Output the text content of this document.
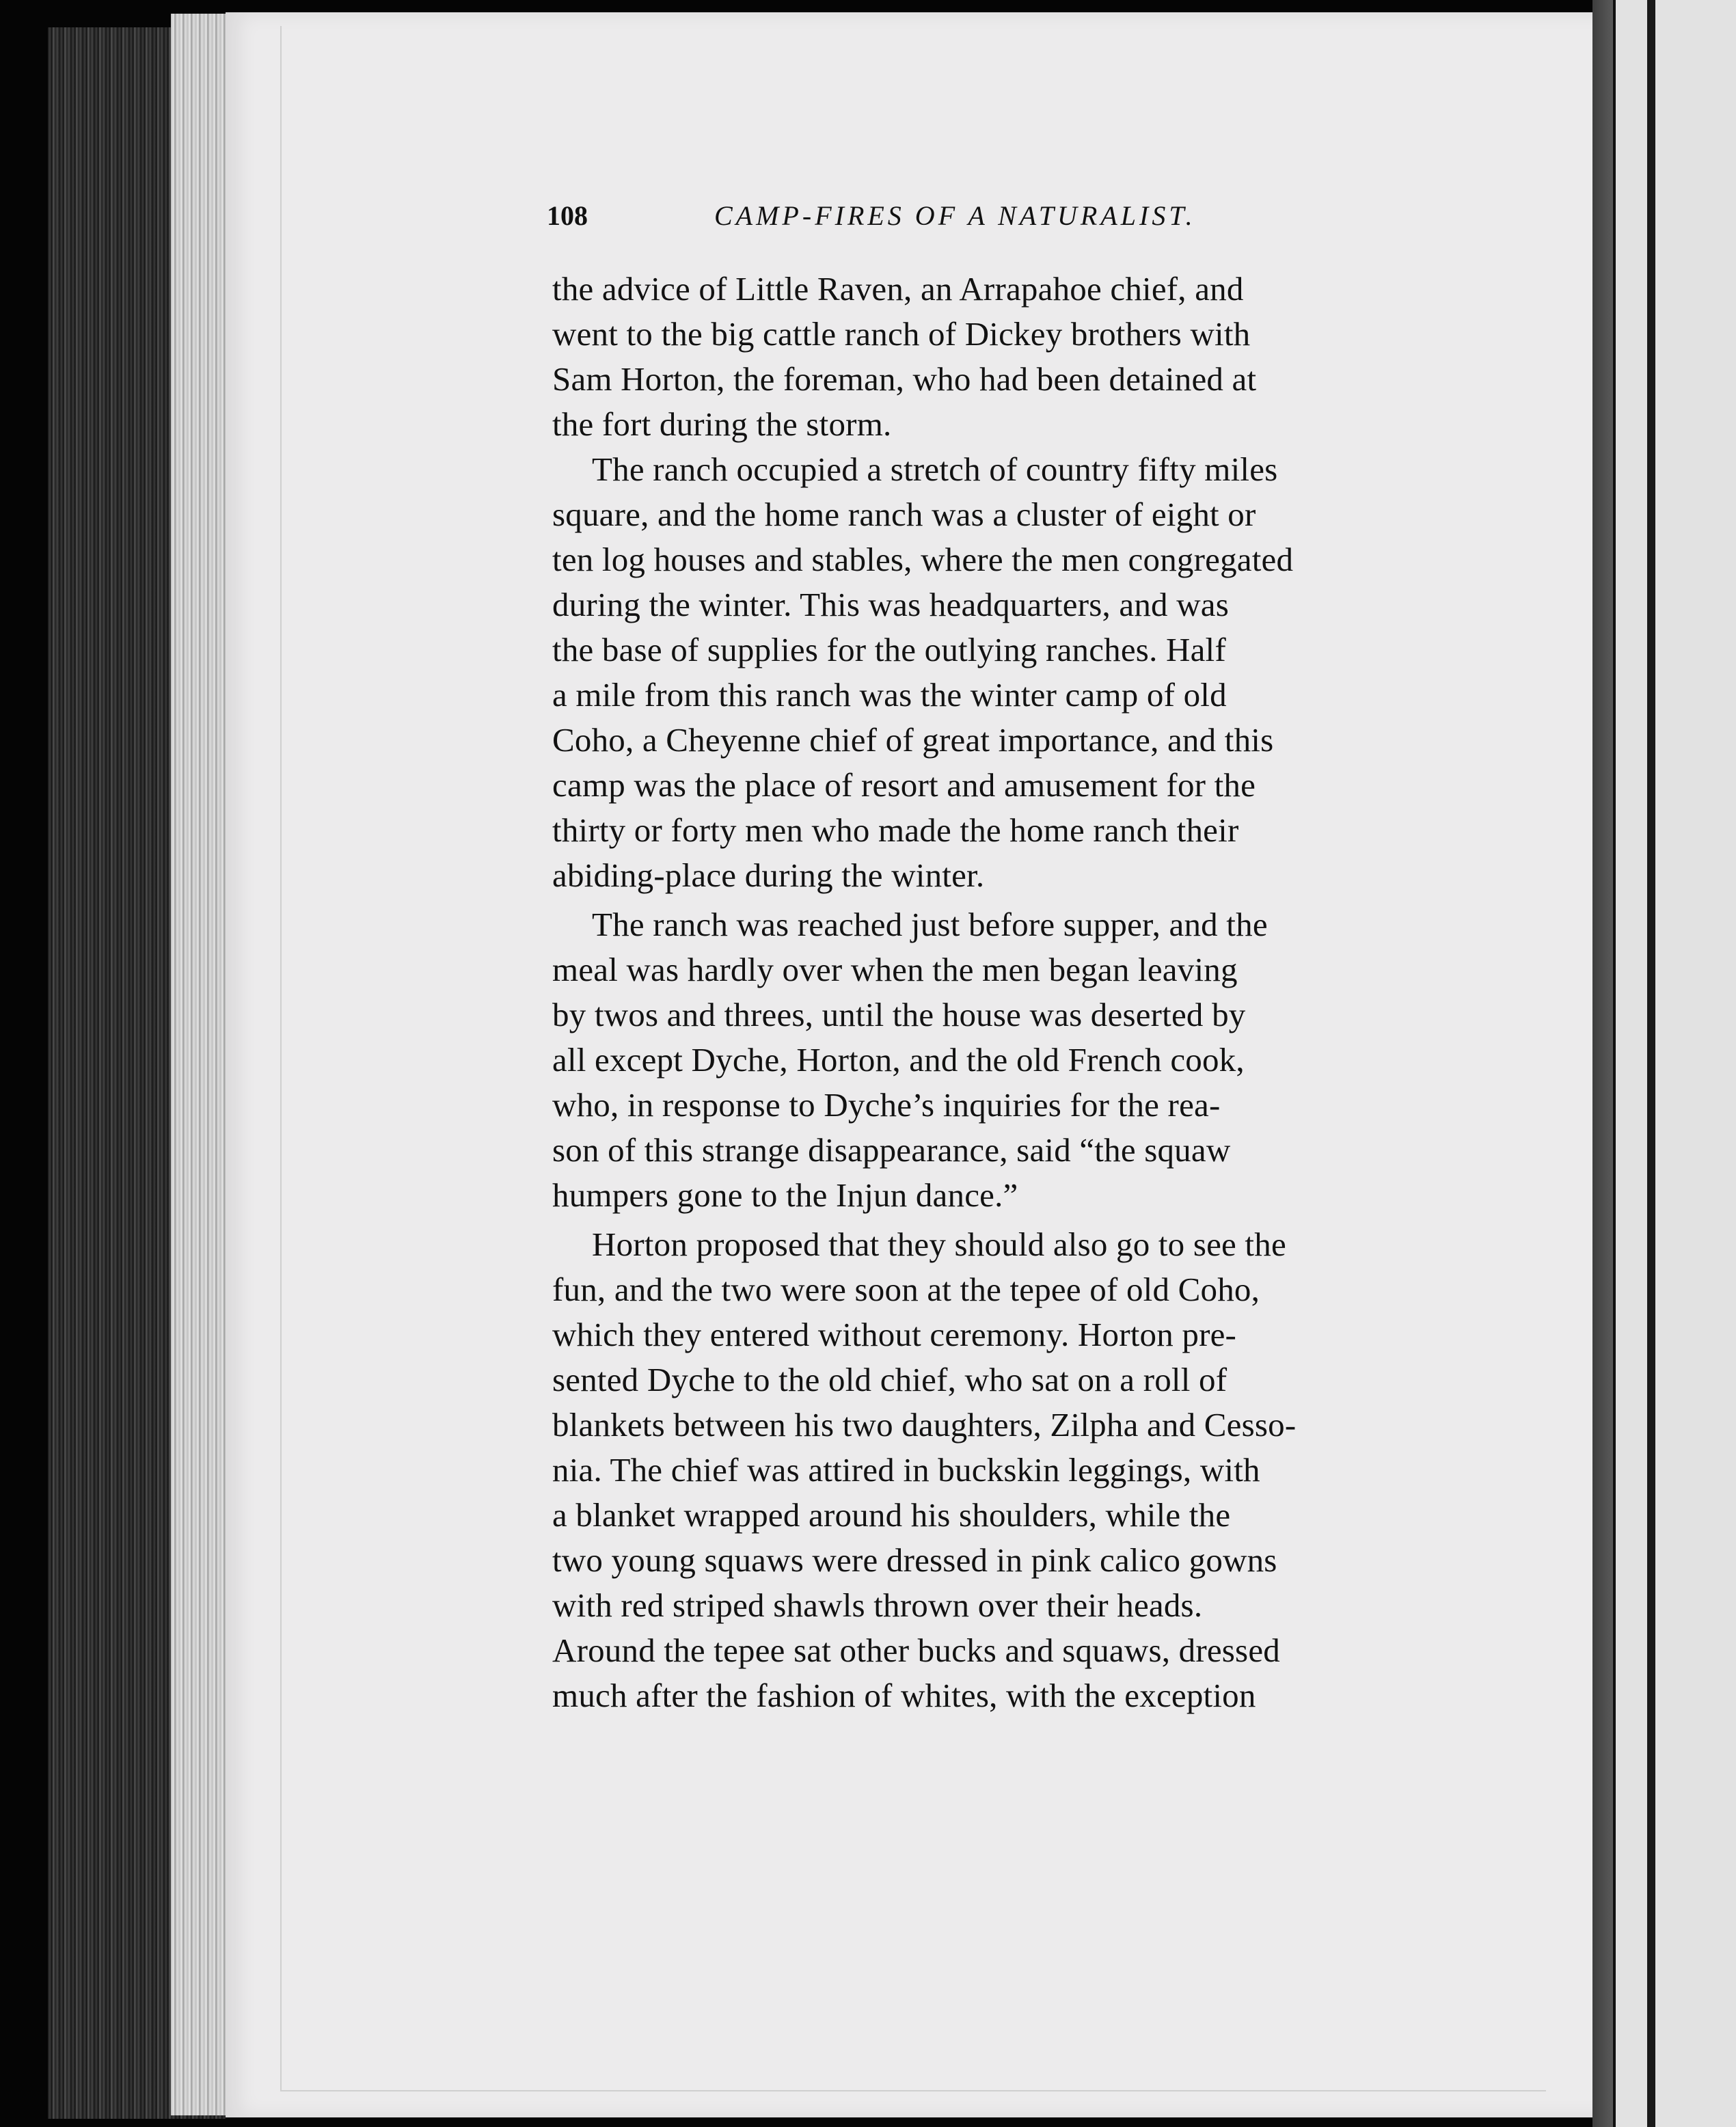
108	CAMP-FIRES OF A NATURALIST.
the advice of Little Raven, an Arrapahoe chief, and
went to the big cattle ranch of Dickey brothers with
Sam Horton, the foreman, who had been detained at
the fort during the storm.
The ranch occupied a stretch of country fifty miles
square, and the home ranch was a cluster of eight or
ten log houses and stables, where the men congregated
during the winter. This was headquarters, and was
the base of supplies for the outlying ranches. Half
a mile from this ranch was the winter camp of old
Coho, a Cheyenne chief of great importance, and this
camp was the place of resort and amusement for the
thirty or forty men who made the home ranch their
abiding-place during the winter.
The ranch was reached just before supper, and the
meal was hardly over when the men began leaving
by twos and threes, until the house was deserted by
all except Dyche, Horton, and the old French cook,
who, in response to Dyche’s inquiries for the rea-
son of this strange disappearance, said “the squaw
humpers gone to the Injun dance.”
Horton proposed that they should also go to see the
fun, and the two were soon at the tepee of old Coho,
which they entered without ceremony. Horton pre-
sented Dyche to the old chief, who sat on a roll of
blankets between his two daughters, Zilpha and Cesso-
nia. The chief was attired in buckskin leggings, with
a blanket wrapped around his shoulders, while the
two young squaws were dressed in pink calico gowns
with red striped shawls thrown over their heads.
Around the tepee sat other bucks and squaws, dressed
much after the fashion of whites, with the exception
